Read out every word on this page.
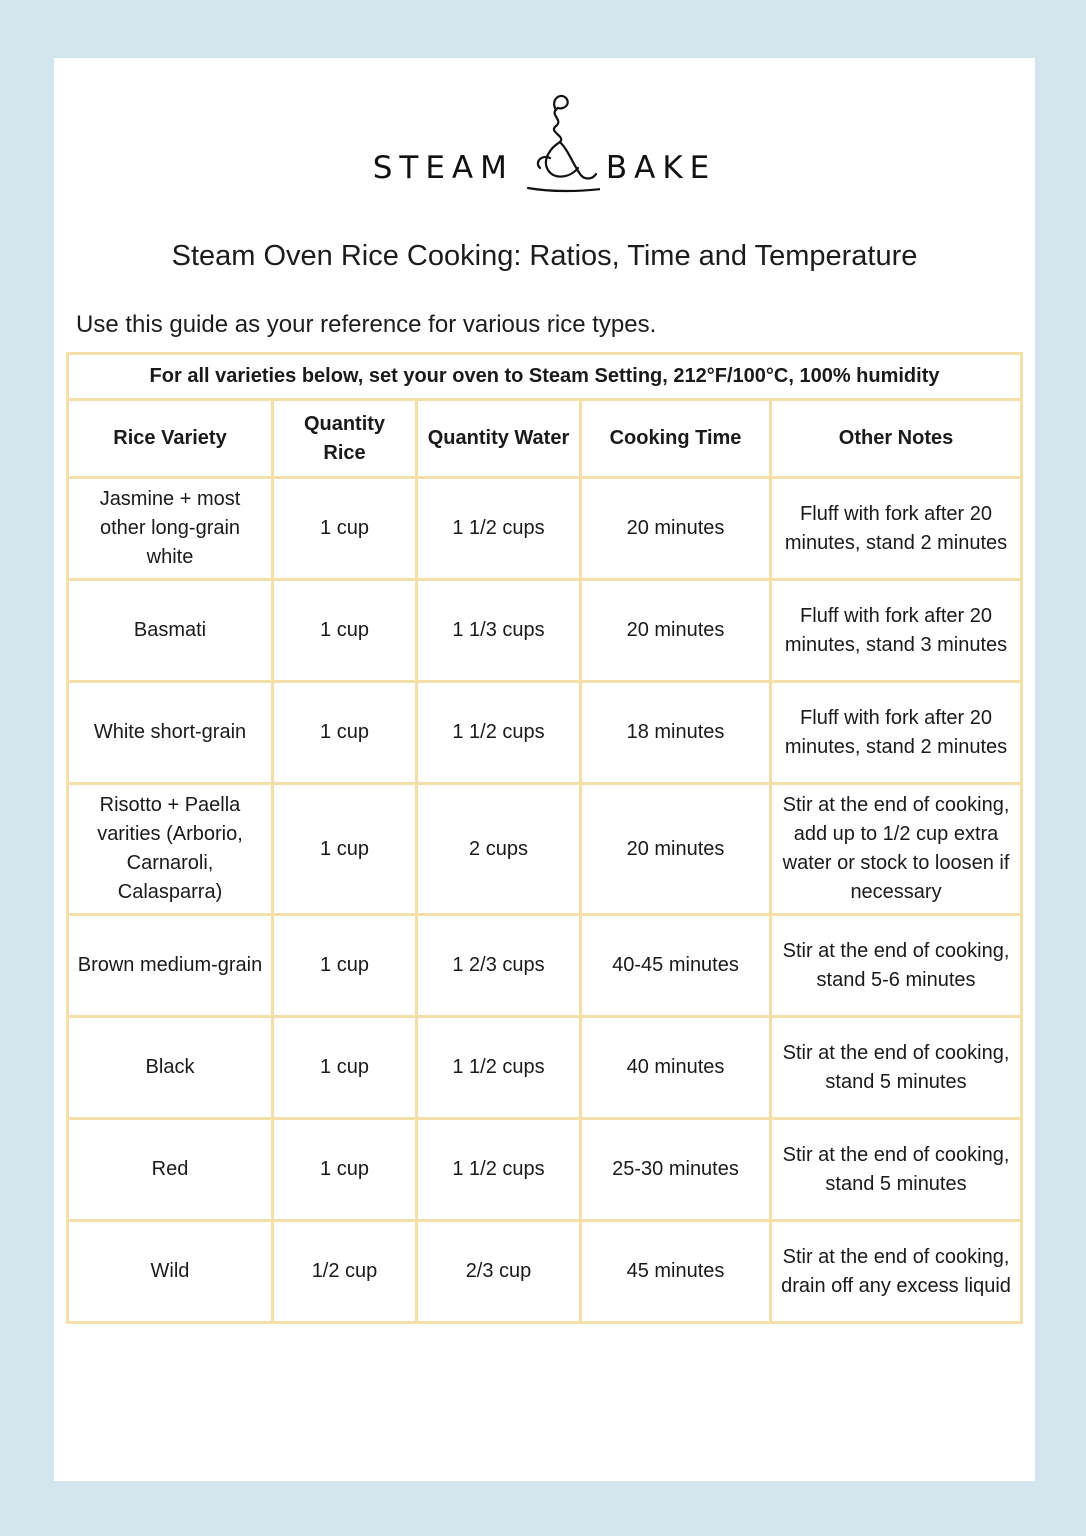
STEAM	BAKE
Steam Oven Rice Cooking: Ratios, Time and Temperature
Use this guide as your reference for various rice types.
For all varieties below, set your oven to Steam Setting, 212°F/100°C, 100% humidity				
Rice Variety	Quantity Rice	Quantity Water	Cooking Time	Other Notes
Jasmine + most other long-grain white	1 cup	1 1/2 cups	20 minutes	Fluff with fork after 20 minutes, stand 2 minutes
Basmati	1 cup	1 1/3 cups	20 minutes	Fluff with fork after 20 minutes, stand 3 minutes
White short-grain	1 cup	1 1/2 cups	18 minutes	Fluff with fork after 20 minutes, stand 2 minutes
Risotto + Paella varities (Arborio, Carnaroli, Calasparra)	1 cup	2 cups	20 minutes	Stir at the end of cooking, add up to 1/2 cup extra water or stock to loosen if necessary
Brown medium-grain	1 cup	1 2/3 cups	40-45 minutes	Stir at the end of cooking, stand 5-6 minutes
Black	1 cup	1 1/2 cups	40 minutes	Stir at the end of cooking, stand 5 minutes
Red	1 cup	1 1/2 cups	25-30 minutes	Stir at the end of cooking, stand 5 minutes
Wild	1/2 cup	2/3 cup	45 minutes	Stir at the end of cooking, drain off any excess liquid
